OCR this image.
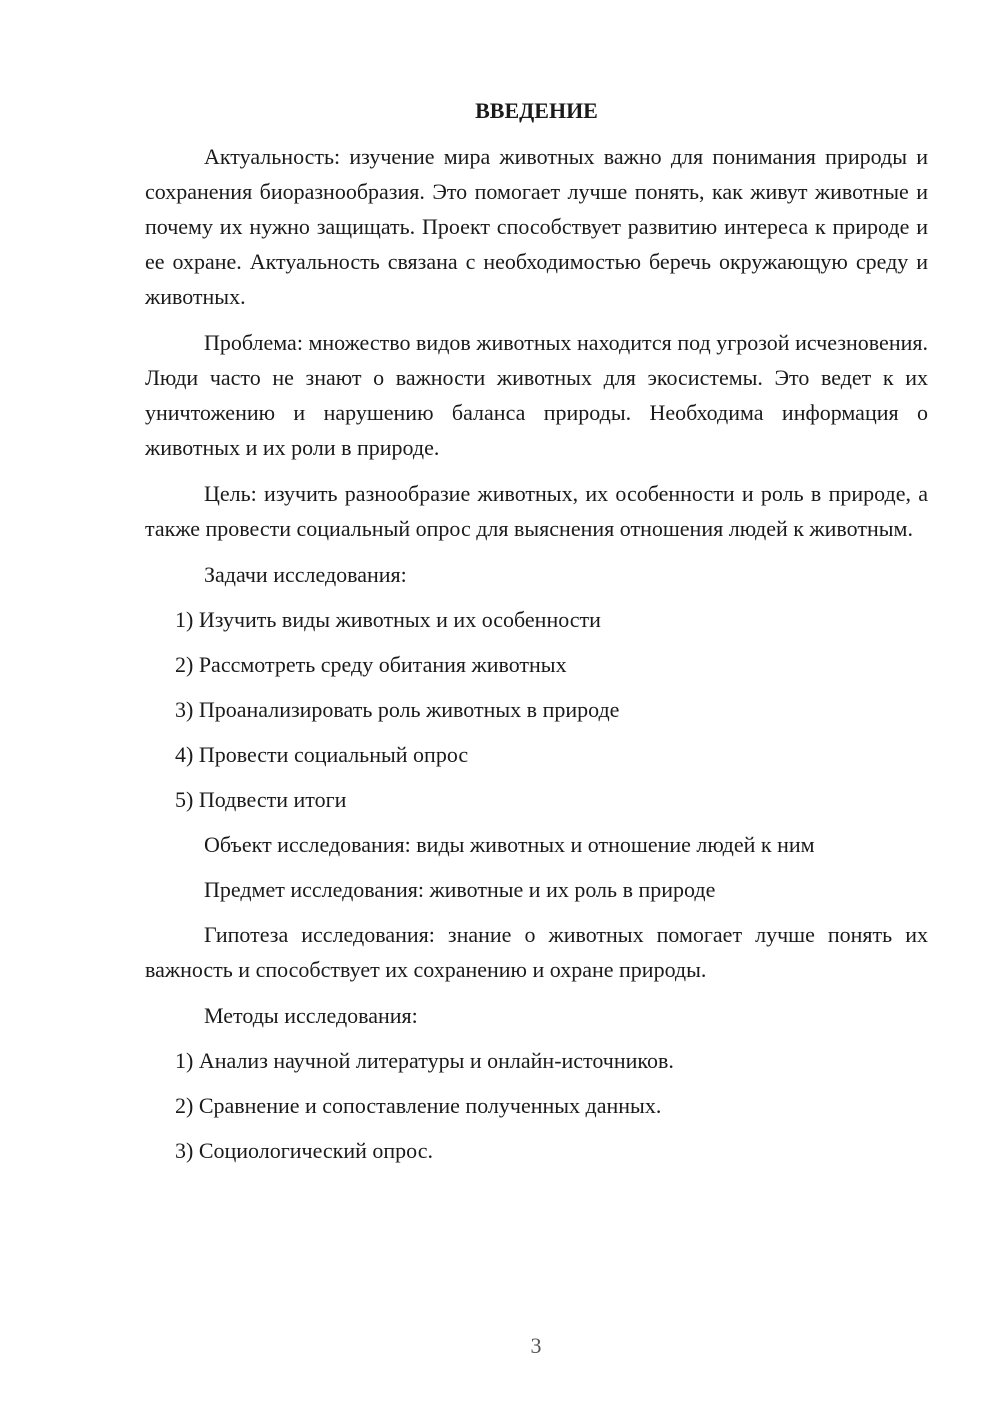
ВВЕДЕНИЕ

Актуальность: изучение мира животных важно для понимания природы и сохранения биоразнообразия. Это помогает лучше понять, как живут животные и почему их нужно защищать. Проект способствует развитию интереса к природе и ее охране. Актуальность связана с необходимостью беречь окружающую среду и животных.

Проблема: множество видов животных находится под угрозой исчезновения. Люди часто не знают о важности животных для экосистемы. Это ведет к их уничтожению и нарушению баланса природы. Необходима информация о животных и их роли в природе.

Цель: изучить разнообразие животных, их особенности и роль в природе, а также провести социальный опрос для выяснения отношения людей к животным.

Задачи исследования:
1) Изучить виды животных и их особенности
2) Рассмотреть среду обитания животных
3) Проанализировать роль животных в природе
4) Провести социальный опрос
5) Подвести итоги
Объект исследования: виды животных и отношение людей к ним
Предмет исследования: животные и их роль в природе

Гипотеза исследования: знание о животных помогает лучше понять их важность и способствует их сохранению и охране природы.

Методы исследования:
1) Анализ научной литературы и онлайн-источников.
2) Сравнение и сопоставление полученных данных.
3) Социологический опрос.
3
